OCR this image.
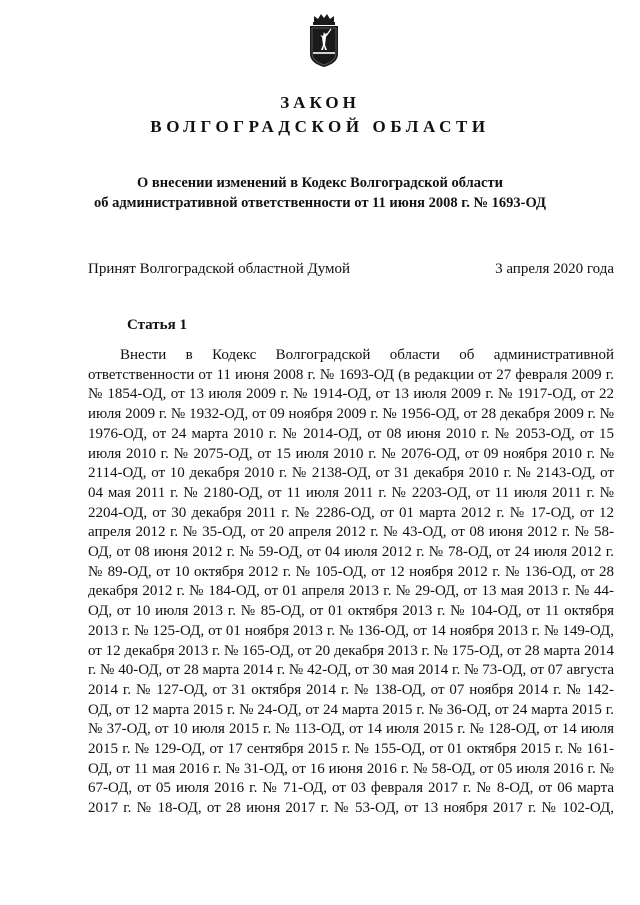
ЗАКОН
ВОЛГОГРАДСКОЙ ОБЛАСТИ

О внесении изменений в Кодекс Волгоградской области
об административной ответственности от 11 июня 2008 г. № 1693-ОД

Принят Волгоградской областной Думой	3 апреля 2020 года
Статья 1

Внести в Кодекс Волгоградской области об административной ответственности от 11 июня 2008 г. № 1693-ОД (в редакции от 27 февраля 2009 г. № 1854-ОД, от 13 июля 2009 г. № 1914-ОД, от 13 июля 2009 г. № 1917-ОД, от 22 июля 2009 г. № 1932-ОД, от 09 ноября 2009 г. № 1956-ОД, от 28 декабря 2009 г. № 1976-ОД, от 24 марта 2010 г. № 2014-ОД, от 08 июня 2010 г. № 2053-ОД, от 15 июля 2010 г. № 2075-ОД, от 15 июля 2010 г. № 2076-ОД, от 09 ноября 2010 г. № 2114-ОД, от 10 декабря 2010 г. № 2138-ОД, от 31 декабря 2010 г. № 2143-ОД, от 04 мая 2011 г. № 2180-ОД, от 11 июля 2011 г. № 2203-ОД, от 11 июля 2011 г. № 2204-ОД, от 30 декабря 2011 г. № 2286-ОД, от 01 марта 2012 г. № 17-ОД, от 12 апреля 2012 г. № 35-ОД, от 20 апреля 2012 г. № 43-ОД, от 08 июня 2012 г. № 58-ОД, от 08 июня 2012 г. № 59-ОД, от 04 июля 2012 г. № 78-ОД, от 24 июля 2012 г. № 89-ОД, от 10 октября 2012 г. № 105-ОД, от 12 ноября 2012 г. № 136-ОД, от 28 декабря 2012 г. № 184-ОД, от 01 апреля 2013 г. № 29-ОД, от 13 мая 2013 г. № 44-ОД, от 10 июля 2013 г. № 85-ОД, от 01 октября 2013 г. № 104-ОД, от 11 октября 2013 г. № 125-ОД, от 01 ноября 2013 г. № 136-ОД, от 14 ноября 2013 г. № 149-ОД, от 12 декабря 2013 г. № 165-ОД, от 20 декабря 2013 г. № 175-ОД, от 28 марта 2014 г. № 40-ОД, от 28 марта 2014 г. № 42-ОД, от 30 мая 2014 г. № 73-ОД, от 07 августа 2014 г. № 127-ОД, от 31 октября 2014 г. № 138-ОД, от 07 ноября 2014 г. № 142-ОД, от 12 марта 2015 г. № 24-ОД, от 24 марта 2015 г. № 36-ОД, от 24 марта 2015 г. № 37-ОД, от 10 июля 2015 г. № 113-ОД, от 14 июля 2015 г. № 128-ОД, от 14 июля 2015 г. № 129-ОД, от 17 сентября 2015 г. № 155-ОД, от 01 октября 2015 г. № 161-ОД, от 11 мая 2016 г. № 31-ОД, от 16 июня 2016 г. № 58-ОД, от 05 июля 2016 г. № 67-ОД, от 05 июля 2016 г. № 71-ОД, от 03 февраля 2017 г. № 8-ОД, от 06 марта 2017 г. № 18-ОД, от 28 июня 2017 г. № 53-ОД, от 13 ноября 2017 г. № 102-ОД,
